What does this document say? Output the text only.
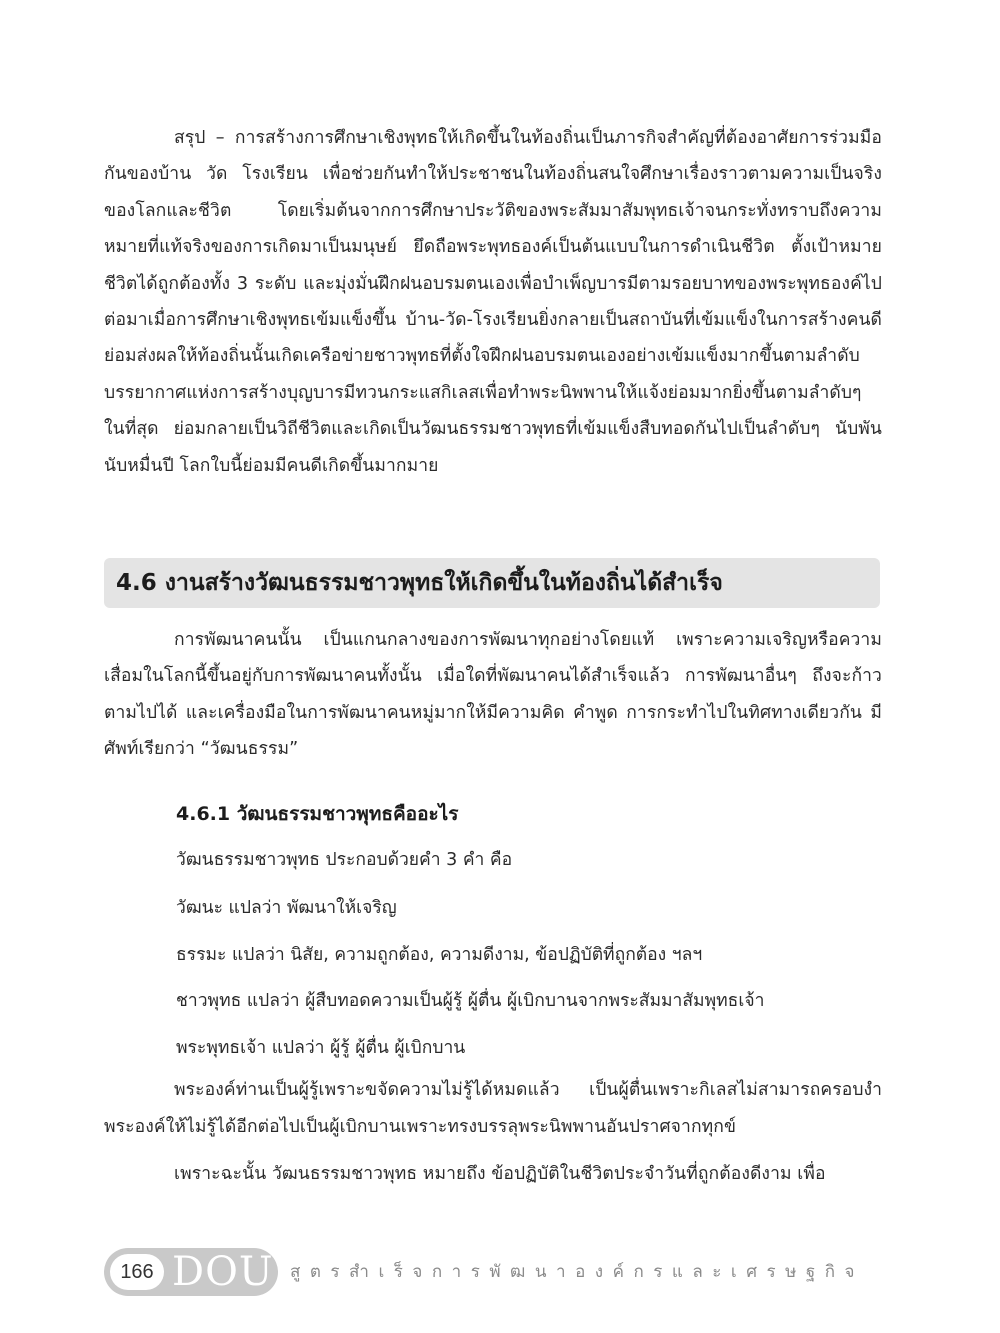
สรุป – การสร้างการศึกษาเชิงพุทธให้เกิดขึ้นในท้องถิ่นเป็นภารกิจสำคัญที่ต้องอาศัยการร่วมมือกันของบ้าน วัด โรงเรียน เพื่อช่วยกันทำให้ประชาชนในท้องถิ่นสนใจศึกษาเรื่องราวตามความเป็นจริงของโลกและชีวิต โดยเริ่มต้นจากการศึกษาประวัติของพระสัมมาสัมพุทธเจ้าจนกระทั่งทราบถึงความหมายที่แท้จริงของการเกิดมาเป็นมนุษย์ ยึดถือพระพุทธองค์เป็นต้นแบบในการดำเนินชีวิต ตั้งเป้าหมายชีวิตได้ถูกต้องทั้ง 3 ระดับ และมุ่งมั่นฝึกฝนอบรมตนเองเพื่อบำเพ็ญบารมีตามรอยบาทของพระพุทธองค์ไป ต่อมาเมื่อการศึกษาเชิงพุทธเข้มแข็งขึ้น บ้าน-วัด-โรงเรียนยิ่งกลายเป็นสถาบันที่เข้มแข็งในการสร้างคนดี ย่อมส่งผลให้ท้องถิ่นนั้นเกิดเครือข่ายชาวพุทธที่ตั้งใจฝึกฝนอบรมตนเองอย่างเข้มแข็งมากขึ้นตามลำดับบรรยากาศแห่งการสร้างบุญบารมีทวนกระแสกิเลสเพื่อทำพระนิพพานให้แจ้งย่อมมากยิ่งขึ้นตามลำดับๆ ในที่สุด ย่อมกลายเป็นวิถีชีวิตและเกิดเป็นวัฒนธรรมชาวพุทธที่เข้มแข็งสืบทอดกันไปเป็นลำดับๆ นับพันนับหมื่นปี โลกใบนี้ย่อมมีคนดีเกิดขึ้นมากมาย

4.6 งานสร้างวัฒนธรรมชาวพุทธให้เกิดขึ้นในท้องถิ่นได้สำเร็จ

การพัฒนาคนนั้น เป็นแกนกลางของการพัฒนาทุกอย่างโดยแท้ เพราะความเจริญหรือความเสื่อมในโลกนี้ขึ้นอยู่กับการพัฒนาคนทั้งนั้น เมื่อใดที่พัฒนาคนได้สำเร็จแล้ว การพัฒนาอื่นๆ ถึงจะก้าวตามไปได้ และเครื่องมือในการพัฒนาคนหมู่มากให้มีความคิด คำพูด การกระทำไปในทิศทางเดียวกัน มีศัพท์เรียกว่า “วัฒนธรรม”

4.6.1 วัฒนธรรมชาวพุทธคืออะไร

วัฒนธรรมชาวพุทธ ประกอบด้วยคำ 3 คำ คือ

วัฒนะ แปลว่า พัฒนาให้เจริญ

ธรรมะ แปลว่า นิสัย, ความถูกต้อง, ความดีงาม, ข้อปฏิบัติที่ถูกต้อง ฯลฯ

ชาวพุทธ แปลว่า ผู้สืบทอดความเป็นผู้รู้ ผู้ตื่น ผู้เบิกบานจากพระสัมมาสัมพุทธเจ้า

พระพุทธเจ้า แปลว่า ผู้รู้ ผู้ตื่น ผู้เบิกบาน

พระองค์ท่านเป็นผู้รู้เพราะขจัดความไม่รู้ได้หมดแล้ว เป็นผู้ตื่นเพราะกิเลสไม่สามารถครอบงำพระองค์ให้ไม่รู้ได้อีกต่อไปเป็นผู้เบิกบานเพราะทรงบรรลุพระนิพพานอันปราศจากทุกข์

เพราะฉะนั้น วัฒนธรรมชาวพุทธ หมายถึง ข้อปฏิบัติในชีวิตประจำวันที่ถูกต้องดีงาม เพื่อ

166 DOU สูตรสำเร็จการพัฒนาองค์กรและเศรษฐกิจ
